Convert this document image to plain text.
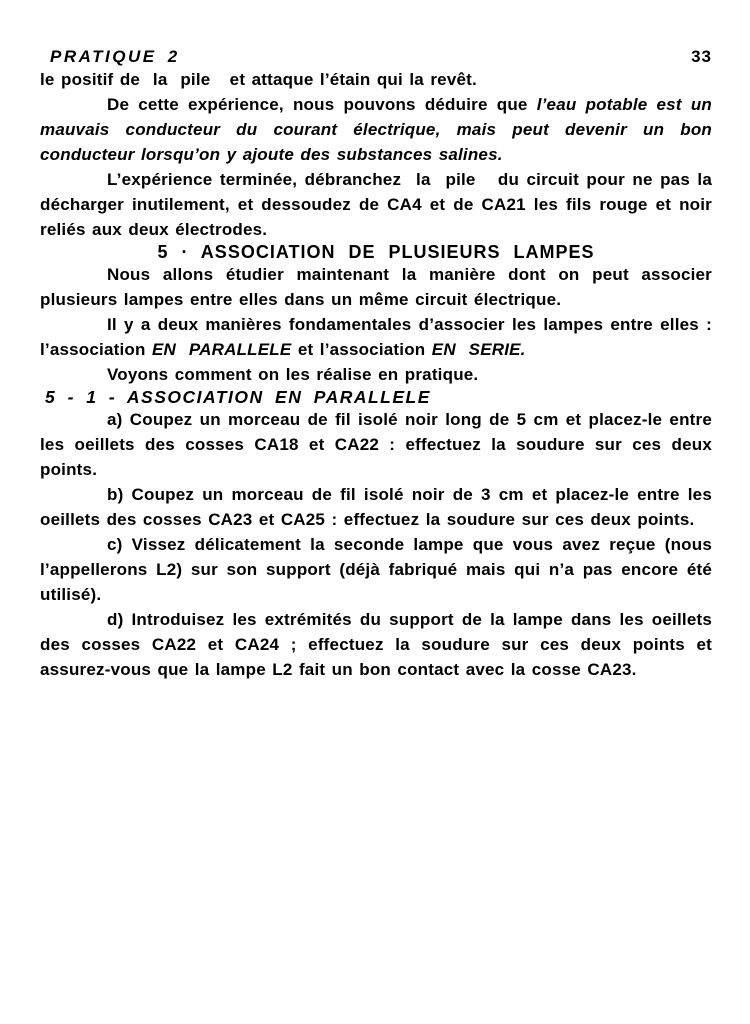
PRATIQUE 2	33

le positif de  la  pile   et attaque l’étain qui la revêt.

De cette expérience, nous pouvons déduire que l’eau potable est un mauvais conducteur du courant électrique, mais peut devenir un bon conducteur lorsqu’on y ajoute des substances salines.

L’expérience terminée, débranchez  la  pile   du circuit pour ne pas la décharger inutilement, et dessoudez de CA4 et de CA21 les fils rouge et noir reliés aux deux électrodes.

5 · ASSOCIATION DE PLUSIEURS LAMPES

Nous allons étudier maintenant la manière dont on peut associer plusieurs lampes entre elles dans un même circuit électrique.

Il y a deux manières fondamentales d’associer les lampes entre elles : l’association EN  PARALLELE et l’association EN  SERIE.

Voyons comment on les réalise en pratique.

5 - 1 - ASSOCIATION EN PARALLELE

a) Coupez un morceau de fil isolé noir long de 5 cm et placez-le entre les oeillets des cosses CA18 et CA22 : effectuez la soudure sur ces deux points.

b) Coupez un morceau de fil isolé noir de 3 cm et placez-le entre les oeillets des cosses CA23 et CA25 : effectuez la soudure sur ces deux points.

c) Vissez délicatement la seconde lampe que vous avez reçue (nous l’appellerons L2) sur son support (déjà fabriqué mais qui n’a pas encore été utilisé).

d) Introduisez les extrémités du support de la lampe dans les oeillets des cosses CA22 et CA24 ; effectuez la soudure sur ces deux points et assurez-vous que la lampe L2 fait un bon contact avec la cosse CA23.
